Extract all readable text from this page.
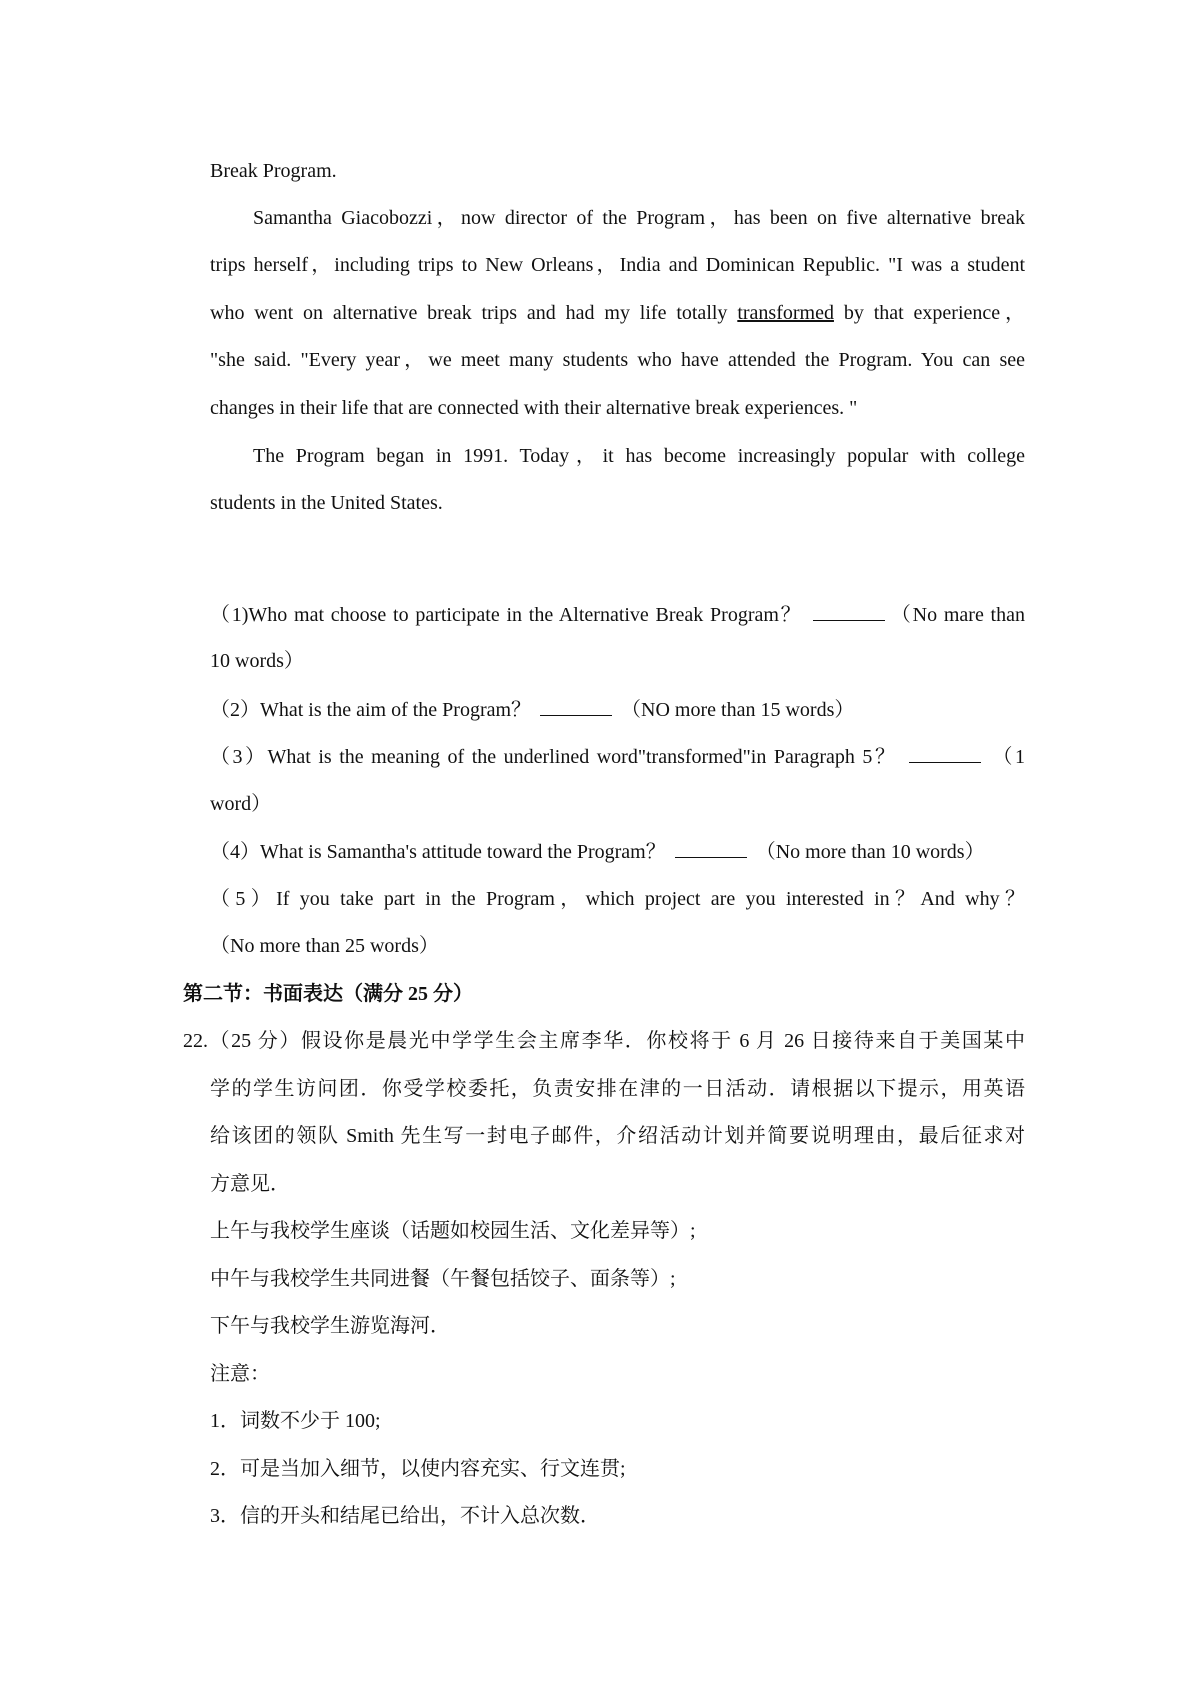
Break Program.
Samantha Giacobozzi，now director of the Program，has been on five alternative break
trips herself，including trips to New Orleans，India and Dominican Republic. "I was a student
who went on alternative break trips and had my life totally transformed by that experience，
"she said. "Every year，we meet many students who have attended the Program. You can see
changes in their life that are connected with their alternative break experiences. "
The Program began in 1991. Today，it has become increasingly popular with college
students in the United States.
（1)Who mat choose to participate in the Alternative Break Program？	（No mare than
10 words）
（2）What is the aim of the Program？	（NO more than 15 words）
（3）What is the meaning of the underlined word"transformed"in Paragraph 5？	（1
word）
（4）What is Samantha's attitude toward the Program？	（No more than 10 words）
（5）If you take part in the Program，which project are you interested in？And why？
（No more than 25 words）
第二节：书面表达（满分 25 分）
22.（25 分）假设你是晨光中学学生会主席李华．你校将于 6 月 26 日接待来自于美国某中
学的学生访问团．你受学校委托，负责安排在津的一日活动．请根据以下提示，用英语
给该团的领队 Smith 先生写一封电子邮件，介绍活动计划并简要说明理由，最后征求对
方意见．
上午与我校学生座谈（话题如校园生活、文化差异等）;
中午与我校学生共同进餐（午餐包括饺子、面条等）;
下午与我校学生游览海河．
注意：
1．词数不少于 100;
2．可是当加入细节，以使内容充实、行文连贯;
3．信的开头和结尾已给出，不计入总次数．
